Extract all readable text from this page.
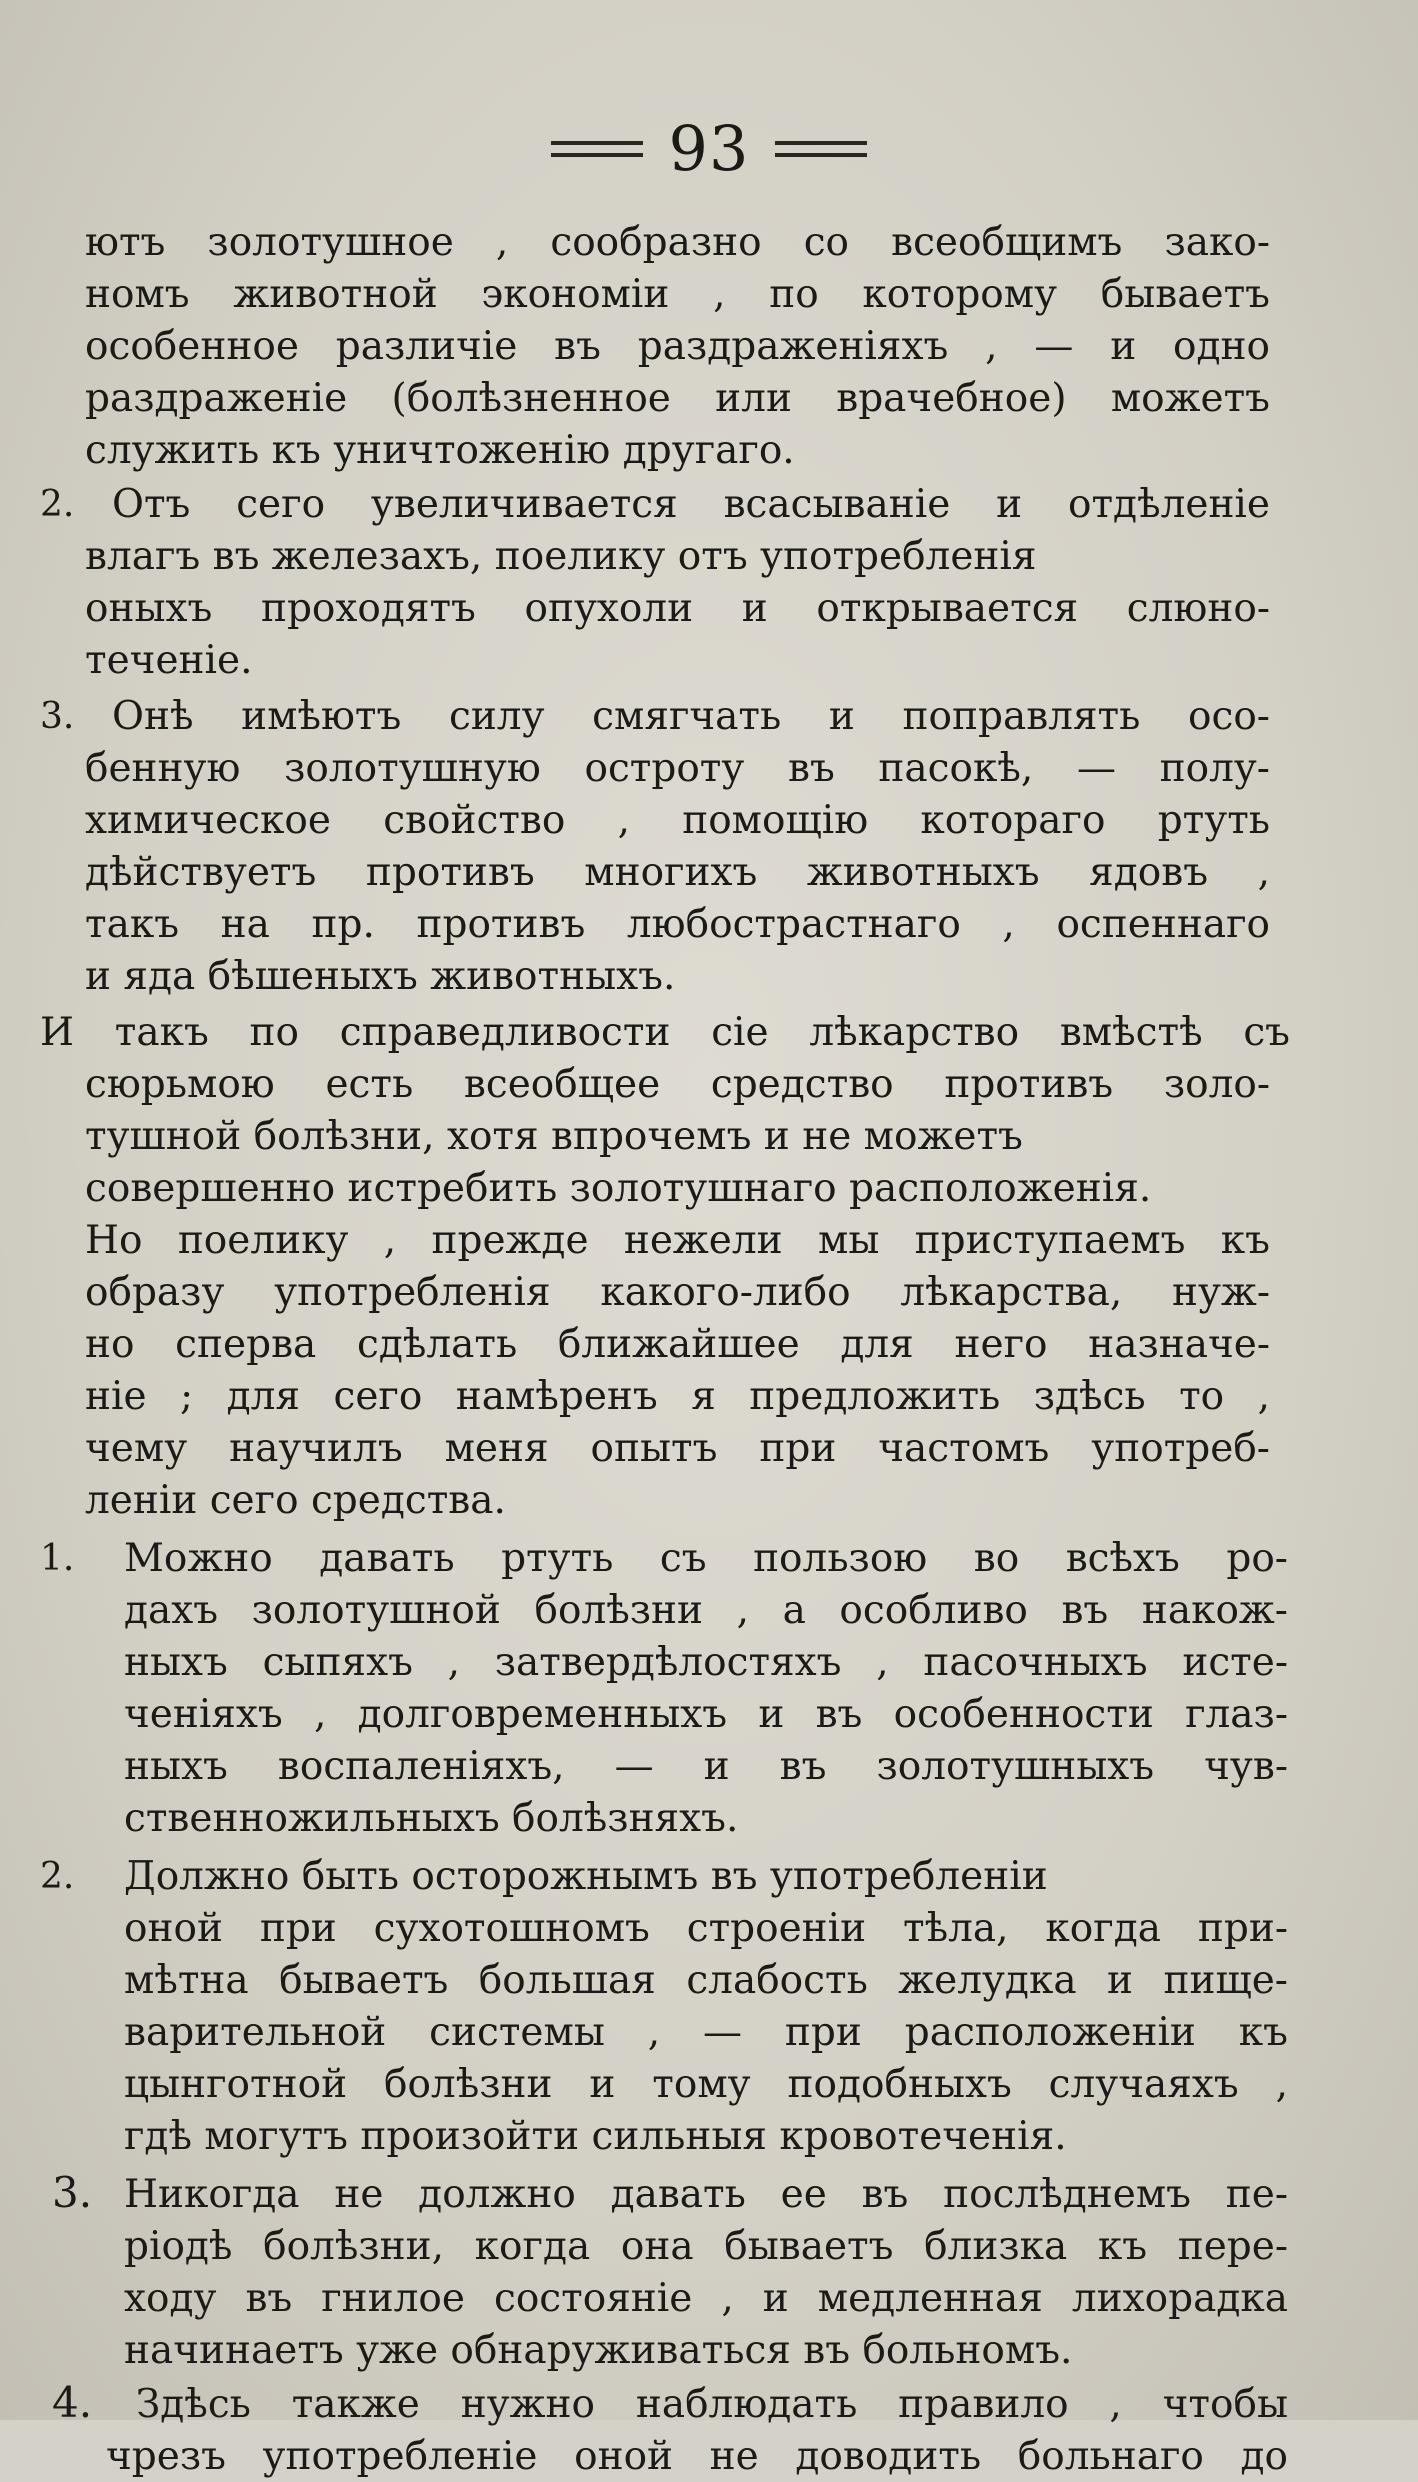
93
ютъ золотушное , сообразно со всеобщимъ зако-
номъ животной экономіи , по которому бываетъ
особенное различіе въ раздраженіяхъ , — и одно
раздраженіе (болѣзненное или врачебное) можетъ
служить къ уничтоженію другаго.
2. Отъ сего увеличивается всасываніе и отдѣленіе
влагъ въ железахъ, поелику отъ употребленія
оныхъ проходятъ опухоли и открывается слюно-
теченіе.
3. Онѣ имѣютъ силу смягчать и поправлять осо-
бенную золотушную остроту въ пасокѣ, — полу-
химическое свойство , помощію котораго ртуть
дѣйствуетъ противъ многихъ животныхъ ядовъ ,
такъ на пр. противъ любострастнаго , оспеннаго
и яда бѣшеныхъ животныхъ.
И такъ по справедливости сіе лѣкарство вмѣстѣ съ
сюрьмою есть всеобщее средство противъ золо-
тушной болѣзни, хотя впрочемъ и не можетъ
совершенно истребить золотушнаго расположенія.
Но поелику , прежде нежели мы приступаемъ къ
образу употребленія какого-либо лѣкарства, нуж-
но сперва сдѣлать ближайшее для него назначе-
ніе ; для сего намѣренъ я предложить здѣсь то ,
чему научилъ меня опытъ при частомъ употреб-
леніи сего средства.
1. Можно давать ртуть съ пользою во всѣхъ ро-
дахъ золотушной болѣзни , а особливо въ накож-
ныхъ сыпяхъ , затвердѣлостяхъ , пасочныхъ истe-
ченіяхъ , долговременныхъ и въ особенности глаз-
ныхъ воспаленіяхъ, — и въ золотушныхъ чув-
ственножильныхъ болѣзняхъ.
2. Должно быть осторожнымъ въ употребленіи
оной при сухотошномъ строеніи тѣла, когда при-
мѣтна бываетъ большая слабость желудка и пище-
варительной системы , — при расположеніи къ
цынготной болѣзни и тому подобныхъ случаяхъ ,
гдѣ могутъ произойти сильныя кровотеченія.
3. Никогда не должно давать ее въ послѣднемъ пе-
ріодѣ болѣзни, когда она бываетъ близка къ пере-
ходу въ гнилое состояніе , и медленная лихорадка
начинаетъ уже обнаруживаться въ больномъ.
4. Здѣсь также нужно наблюдать правило , чтобы
чрезъ употребленіе оной не доводить больнаго до
